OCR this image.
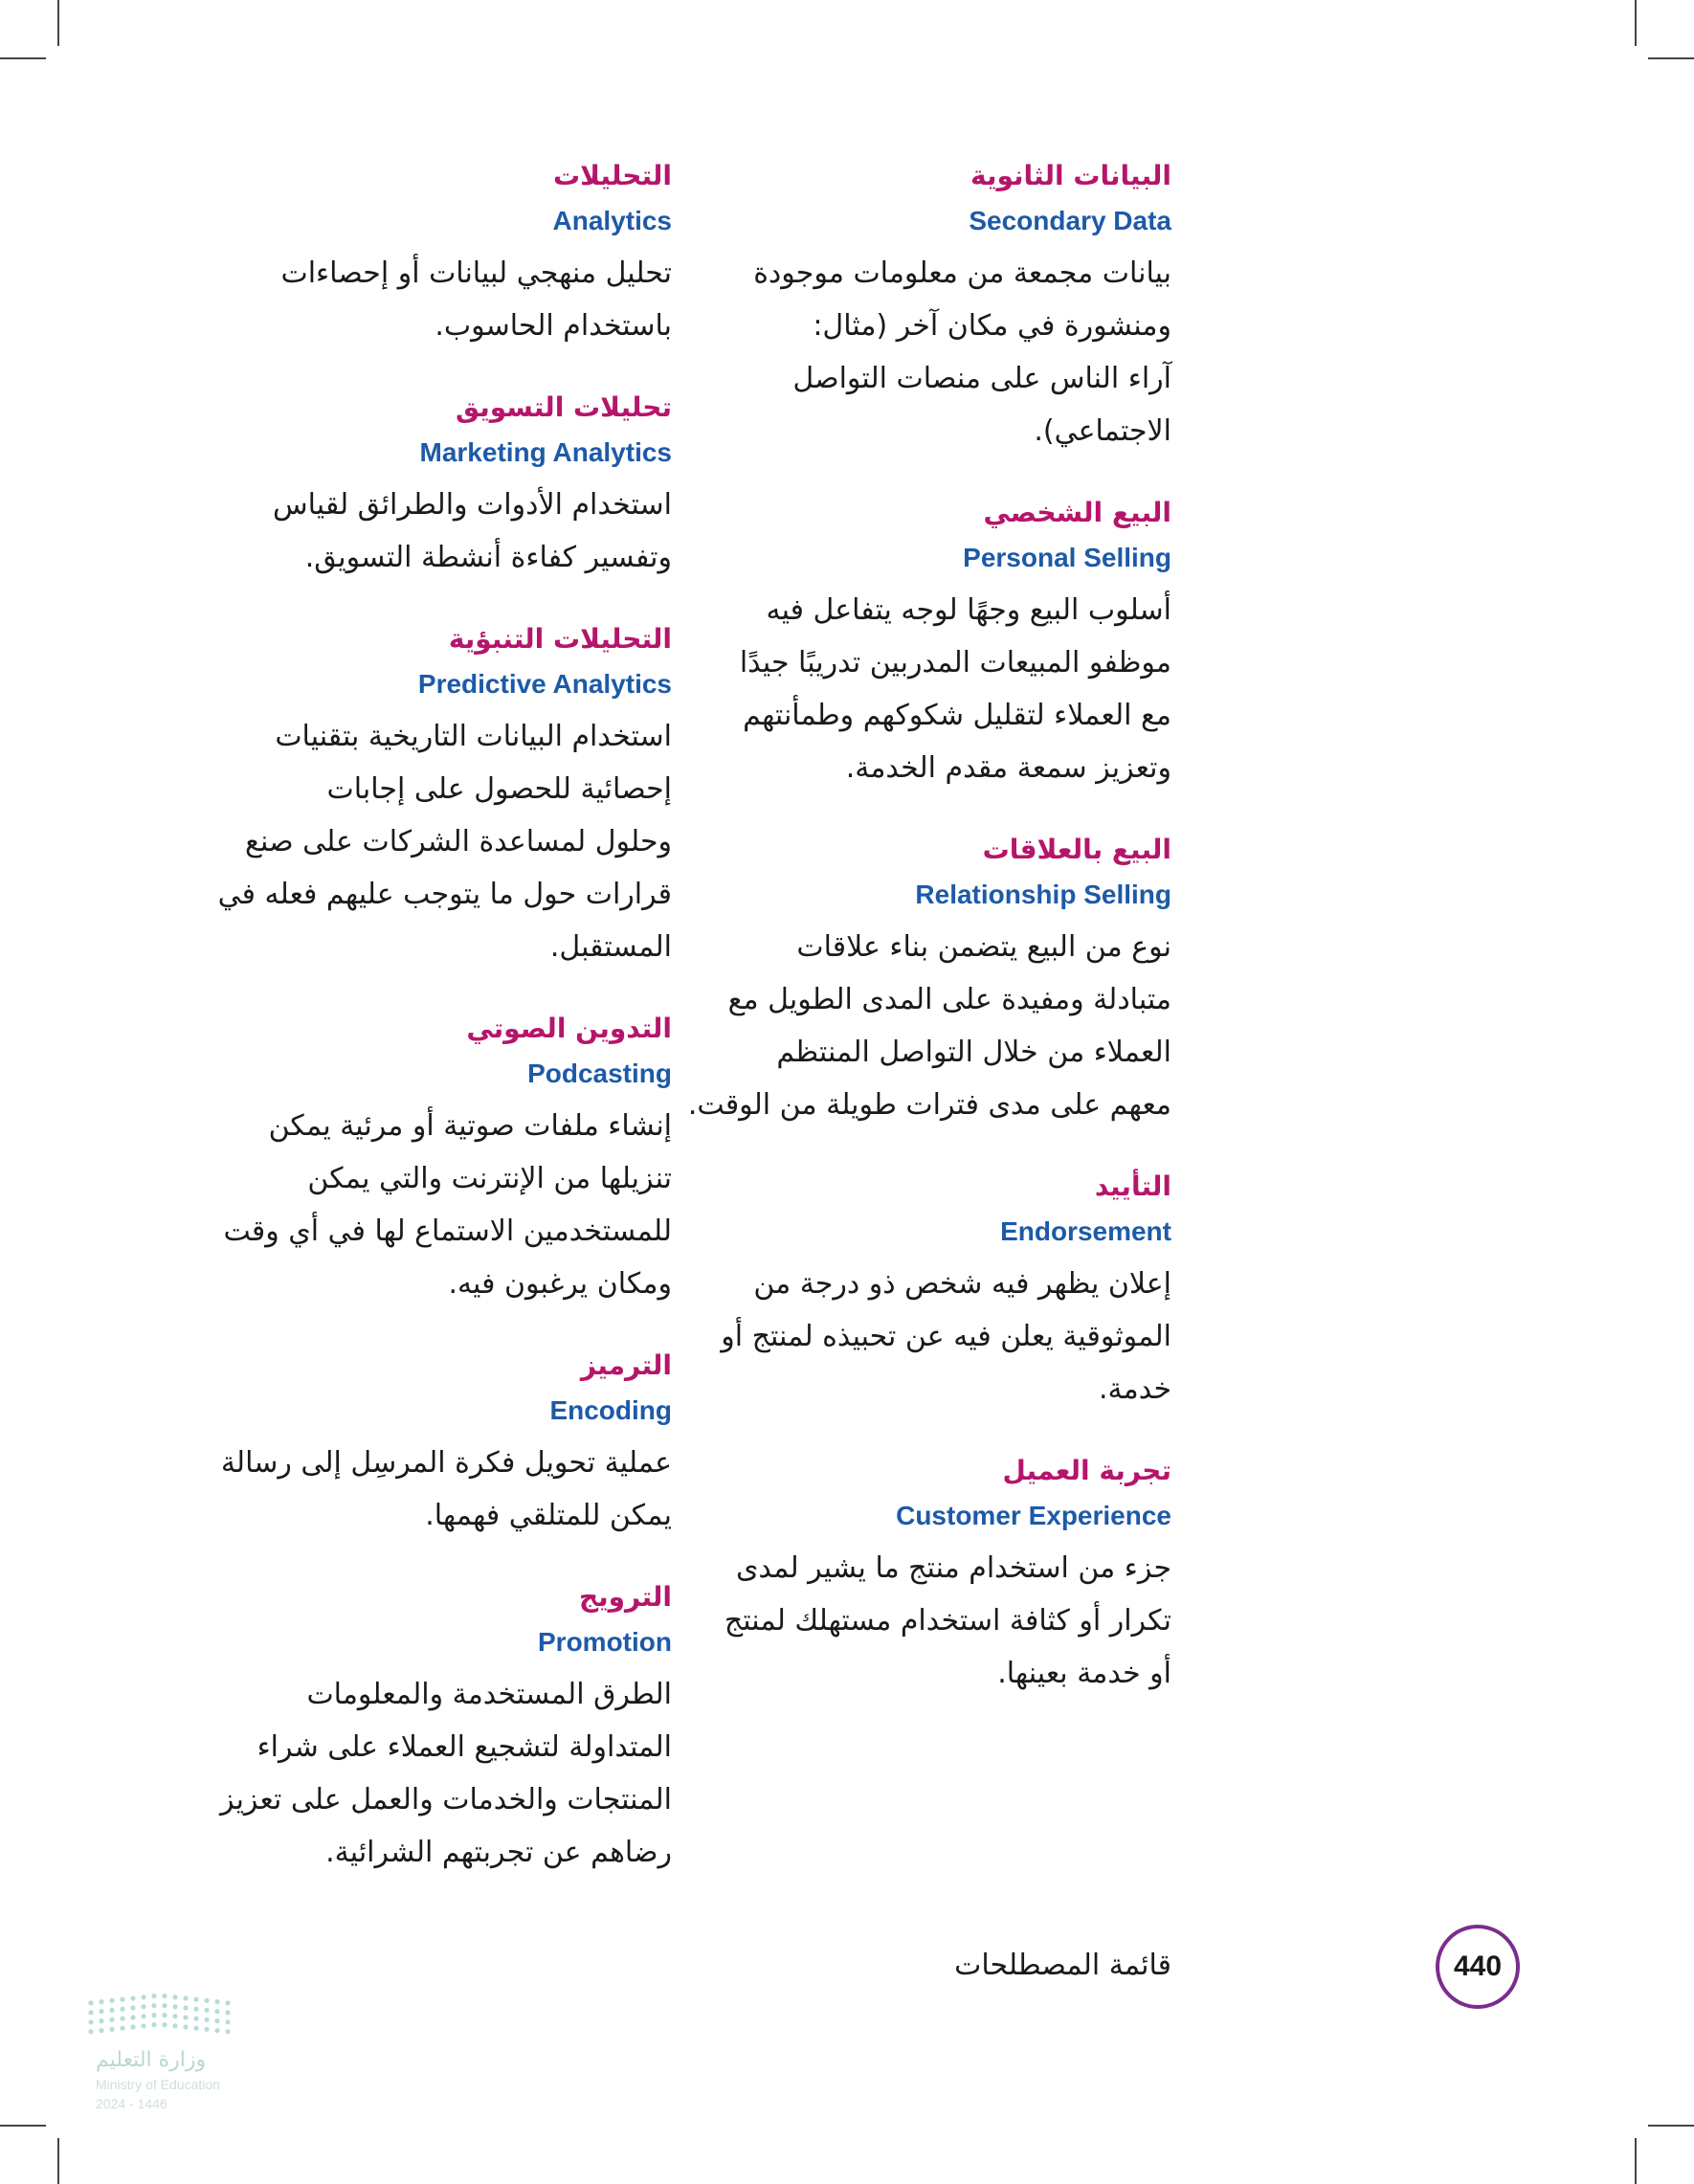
البيانات الثانوية
Secondary Data
بيانات مجمعة من معلومات موجودة
ومنشورة في مكان آخر (مثال:
آراء الناس على منصات التواصل
الاجتماعي).
البيع الشخصي
Personal Selling
أسلوب البيع وجهًا لوجه يتفاعل فيه
موظفو المبيعات المدربين تدريبًا جيدًا
مع العملاء لتقليل شكوكهم وطمأنتهم
وتعزيز سمعة مقدم الخدمة.
البيع بالعلاقات
Relationship Selling
نوع من البيع يتضمن بناء علاقات
متبادلة ومفيدة على المدى الطويل مع
العملاء من خلال التواصل المنتظم
معهم على مدى فترات طويلة من الوقت.
التأييد
Endorsement
إعلان يظهر فيه شخص ذو درجة من
الموثوقية يعلن فيه عن تحبيذه لمنتج أو
خدمة.
تجربة العميل
Customer Experience
جزء من استخدام منتج ما يشير لمدى
تكرار أو كثافة استخدام مستهلك لمنتج
أو خدمة بعينها.
التحليلات
Analytics
تحليل منهجي لبيانات أو إحصاءات
باستخدام الحاسوب.
تحليلات التسويق
Marketing Analytics
استخدام الأدوات والطرائق لقياس
وتفسير كفاءة أنشطة التسويق.
التحليلات التنبؤية
Predictive Analytics
استخدام البيانات التاريخية بتقنيات
إحصائية للحصول على إجابات
وحلول لمساعدة الشركات على صنع
قرارات حول ما يتوجب عليهم فعله في
المستقبل.
التدوين الصوتي
Podcasting
إنشاء ملفات صوتية أو مرئية يمكن
تنزيلها من الإنترنت والتي يمكن
للمستخدمين الاستماع لها في أي وقت
ومكان يرغبون فيه.
الترميز
Encoding
عملية تحويل فكرة المرسِل إلى رسالة
يمكن للمتلقي فهمها.
الترويج
Promotion
الطرق المستخدمة والمعلومات
المتداولة لتشجيع العملاء على شراء
المنتجات والخدمات والعمل على تعزيز
رضاهم عن تجربتهم الشرائية.
440
قائمة المصطلحات
وزارة التعليم
Ministry of Education
2024 - 1446
